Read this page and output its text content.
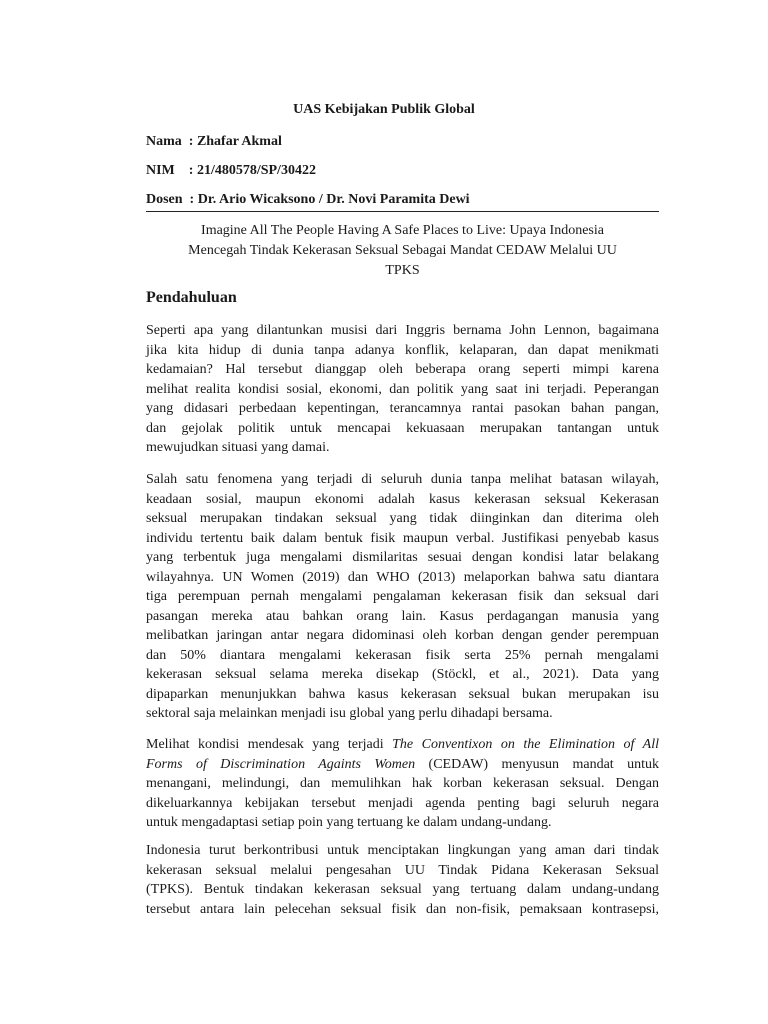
UAS Kebijakan Publik Global
Nama  : Zhafar Akmal
NIM    : 21/480578/SP/30422
Dosen  : Dr. Ario Wicaksono / Dr. Novi Paramita Dewi
Imagine All The People Having A Safe Places to Live: Upaya Indonesia
Mencegah Tindak Kekerasan Seksual Sebagai Mandat CEDAW Melalui UU
TPKS
Pendahuluan
Seperti apa yang dilantunkan musisi dari Inggris bernama John Lennon, bagaimana
jika kita hidup di dunia tanpa adanya konflik, kelaparan, dan dapat menikmati
kedamaian? Hal tersebut dianggap oleh beberapa orang seperti mimpi karena
melihat realita kondisi sosial, ekonomi, dan politik yang saat ini terjadi. Peperangan
yang didasari perbedaan kepentingan, terancamnya rantai pasokan bahan pangan,
dan gejolak politik untuk mencapai kekuasaan merupakan tantangan untuk
mewujudkan situasi yang damai.
Salah satu fenomena yang terjadi di seluruh dunia tanpa melihat batasan wilayah,
keadaan sosial, maupun ekonomi adalah kasus kekerasan seksual Kekerasan
seksual merupakan tindakan seksual yang tidak diinginkan dan diterima oleh
individu tertentu baik dalam bentuk fisik maupun verbal. Justifikasi penyebab kasus
yang terbentuk juga mengalami dismilaritas sesuai dengan kondisi latar belakang
wilayahnya. UN Women (2019) dan WHO (2013) melaporkan bahwa satu diantara
tiga perempuan pernah mengalami pengalaman kekerasan fisik dan seksual dari
pasangan mereka atau bahkan orang lain. Kasus perdagangan manusia yang
melibatkan jaringan antar negara didominasi oleh korban dengan gender perempuan
dan 50% diantara mengalami kekerasan fisik serta 25% pernah mengalami
kekerasan seksual selama mereka disekap (Stöckl, et al., 2021). Data yang
dipaparkan menunjukkan bahwa kasus kekerasan seksual bukan merupakan isu
sektoral saja melainkan menjadi isu global yang perlu dihadapi bersama.
Melihat kondisi mendesak yang terjadi The Conventixon on the Elimination of All
Forms of Discrimination Againts Women (CEDAW) menyusun mandat untuk
menangani, melindungi, dan memulihkan hak korban kekerasan seksual. Dengan
dikeluarkannya kebijakan tersebut menjadi agenda penting bagi seluruh negara
untuk mengadaptasi setiap poin yang tertuang ke dalam undang-undang.
Indonesia turut berkontribusi untuk menciptakan lingkungan yang aman dari tindak
kekerasan seksual melalui pengesahan UU Tindak Pidana Kekerasan Seksual
(TPKS). Bentuk tindakan kekerasan seksual yang tertuang dalam undang-undang
tersebut antara lain pelecehan seksual fisik dan non-fisik, pemaksaan kontrasepsi,
